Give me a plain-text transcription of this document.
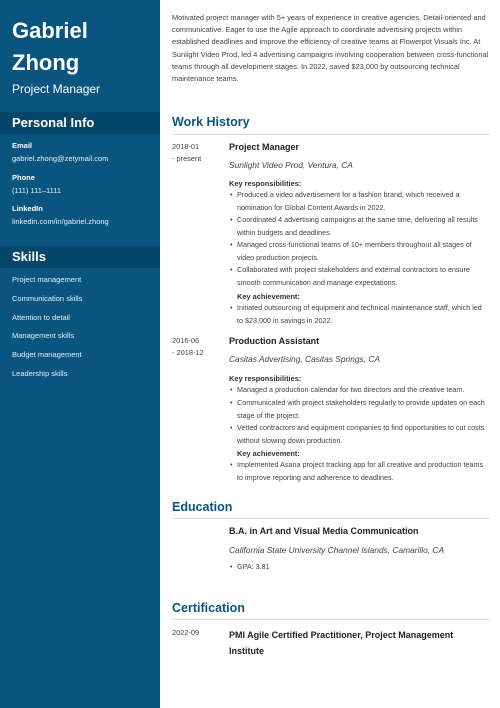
Gabriel
Zhong
Project Manager
Personal Info
Email
gabriel.zhong@zetymail.com
Phone
(111) 111–1111
LinkedIn
linkedin.com/in/gabriel.zhong
Skills
Project management
Communication skills
Attention to detail
Management skills
Budget management
Leadership skills
Motivated project manager with 5+ years of experience in creative agencies. Detail-oriented and communicative. Eager to use the Agile approach to coordinate advertising projects within established deadlines and improve the efficiency of creative teams at Flowerpot Visuals Inc. At Sunlight Video Prod, led 4 advertising campaigns involving cooperation between cross-functional teams through all development stages. In 2022, saved $23,000 by outsourcing technical maintenance teams.
Work History
2018-01
- present
Project Manager
Sunlight Video Prod, Ventura, CA
Key responsibilities:
• Produced a video advertisement for a fashion brand, which received a nomination for Global Content Awards in 2022.
• Coordinated 4 advertising campaigns at the same time, delivering all results within budgets and deadlines.
• Managed cross-functional teams of 10+ members throughout all stages of video production projects.
• Collaborated with project stakeholders and external contractors to ensure smooth communication and manage expectations.
Key achievement:
• Initiated outsourcing of equipment and technical maintenance staff, which led to $23,000 in savings in 2022.
2016-06
- 2018-12
Production Assistant
Casitas Advertising, Casitas Springs, CA
Key responsibilities:
• Managed a production calendar for two directors and the creative team.
• Communicated with project stakeholders regularly to provide updates on each stage of the project.
• Vetted contractors and equipment companies to find opportunities to cut costs without slowing down production.
Key achievement:
• Implemented Asana project tracking app for all creative and production teams to improve reporting and adherence to deadlines.
Education
B.A. in Art and Visual Media Communication
California State University Channel Islands, Camarillo, CA
• GPA: 3.81
Certification
2022-09	PMI Agile Certified Practitioner, Project Management Institute
